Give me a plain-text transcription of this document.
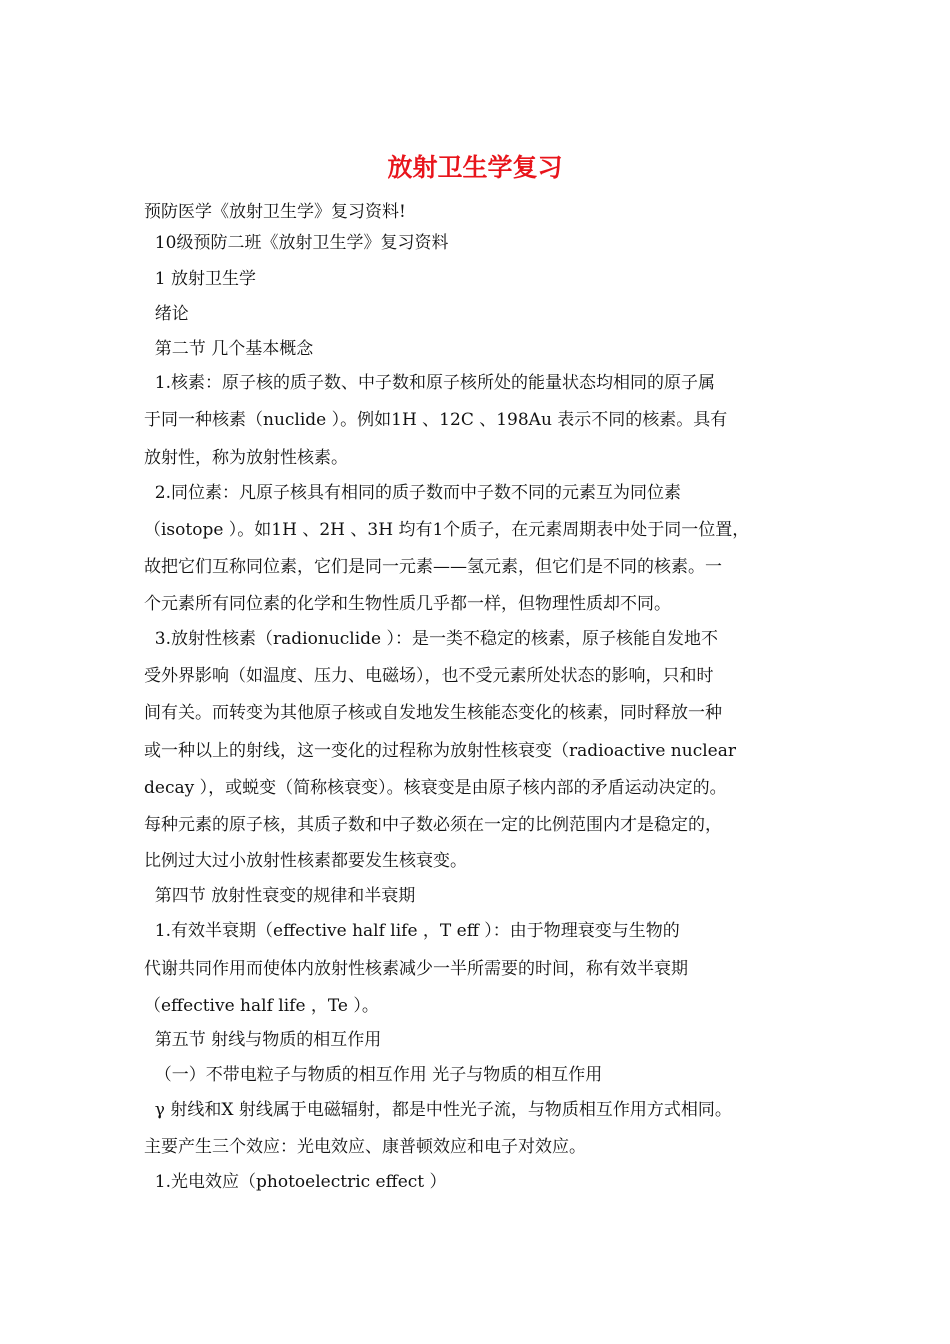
放射卫生学复习
预防医学《放射卫生学》复习资料!
10级预防二班《放射卫生学》复习资料
1 放射卫生学
绪论
第二节 几个基本概念
1.核素：原子核的质子数、中子数和原子核所处的能量状态均相同的原子属
于同一种核素（nuclide ）。例如1H 、12C 、198Au 表示不同的核素。具有
放射性，称为放射性核素。
2.同位素：凡原子核具有相同的质子数而中子数不同的元素互为同位素
（isotope ）。如1H 、2H 、3H 均有1个质子，在元素周期表中处于同一位置，
故把它们互称同位素，它们是同一元素——氢元素，但它们是不同的核素。一
个元素所有同位素的化学和生物性质几乎都一样，但物理性质却不同。
3.放射性核素（radionuclide ）：是一类不稳定的核素，原子核能自发地不
受外界影响（如温度、压力、电磁场），也不受元素所处状态的影响，只和时
间有关。而转变为其他原子核或自发地发生核能态变化的核素，同时释放一种
或一种以上的射线，这一变化的过程称为放射性核衰变（radioactive nuclear
decay ），或蜕变（简称核衰变）。核衰变是由原子核内部的矛盾运动决定的。
每种元素的原子核，其质子数和中子数必须在一定的比例范围内才是稳定的，
比例过大过小放射性核素都要发生核衰变。
第四节 放射性衰变的规律和半衰期
1.有效半衰期（effective half life ，T eff ）：由于物理衰变与生物的
代谢共同作用而使体内放射性核素减少一半所需要的时间，称有效半衰期
（effective half life ，Te ）。
第五节 射线与物质的相互作用
（一）不带电粒子与物质的相互作用 光子与物质的相互作用
γ 射线和X 射线属于电磁辐射，都是中性光子流，与物质相互作用方式相同。
主要产生三个效应：光电效应、康普顿效应和电子对效应。
1.光电效应（photoelectric effect ）
